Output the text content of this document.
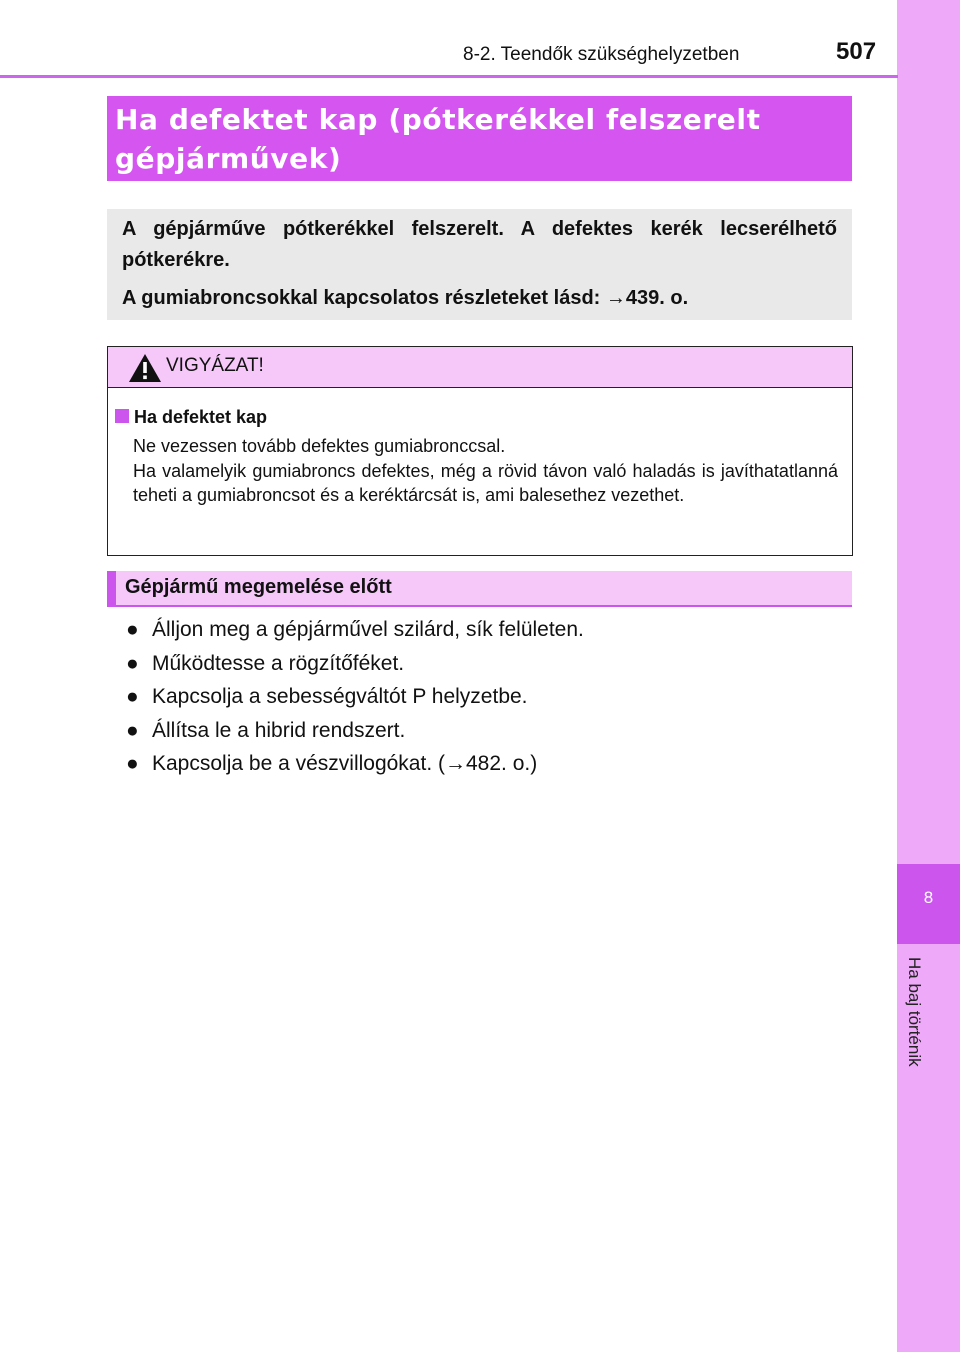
8
Ha baj történik
8-2. Teendők szükséghelyzetben	507
Ha defektet kap (pótkerékkel felszerelt
gépjárművek)

A gépjárműve pótkerékkel felszerelt. A defektes kerék lecserélhető pótkerékre.

A gumiabroncsokkal kapcsolatos részleteket lásd: →439. o.

VIGYÁZAT!
Ha defektet kap

Ne vezessen tovább defektes gumiabronccsal.

Ha valamelyik gumiabroncs defektes, még a rövid távon való haladás is javíthatatlanná teheti a gumiabroncsot és a keréktárcsát is, ami balesethez vezethet.

Gépjármű megemelése előtt
● Álljon meg a gépjárművel szilárd, sík felületen.
● Működtesse a rögzítőféket.
● Kapcsolja a sebességváltót P helyzetbe.
● Állítsa le a hibrid rendszert.
● Kapcsolja be a vészvillogókat. (→482. o.)
